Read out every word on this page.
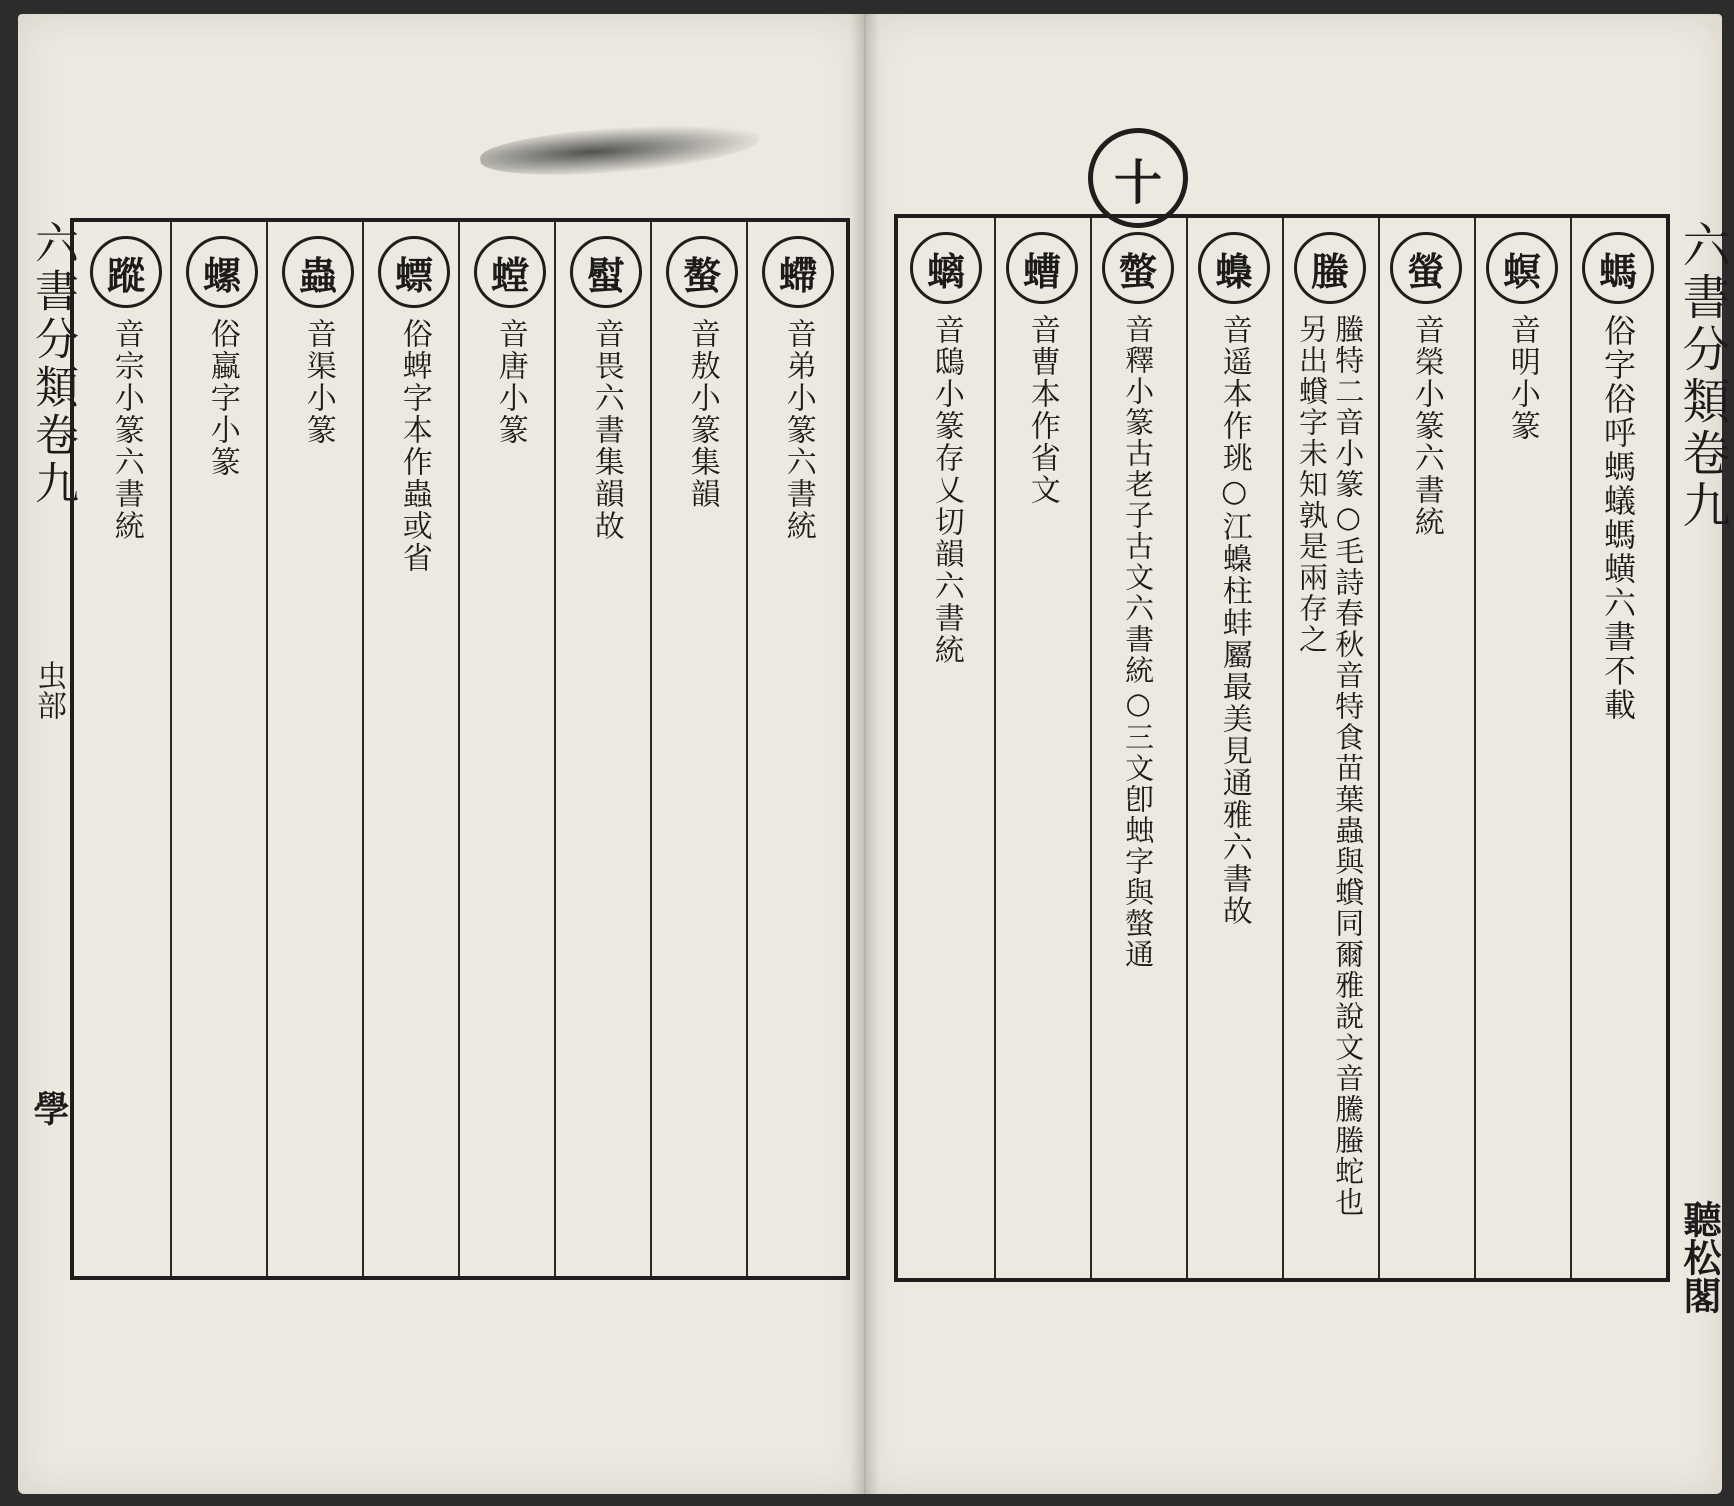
十
六書分類卷九
聽松閣
六書分類卷九
虫部
學
螞
俗字俗呼螞蟻螞蟥六書不載
螟
音明小篆
螢
音榮小篆六書統
螣
螣特二音小篆○毛詩春秋音特食苗葉蟲與蟘同爾雅說文音騰螣蛇也另出蟘字未知孰是兩存之
蟂
音遥本作珧○江蟂柱蚌屬最美見通雅六書故
螫
音釋小篆古老子古文六書統○三文卽䖵字與螫通
螬
音曹本作省文
螭
音鴟小篆存乂切韻六書統
螮
音弟小篆六書統
螯
音敖小篆集韻
螱
音畏六書集韻故
螳
音唐小篆
螵
俗蜱字本作蟲或省
蟲
音渠小篆
螺
俗蠃字小篆
蹤
音宗小篆六書統
